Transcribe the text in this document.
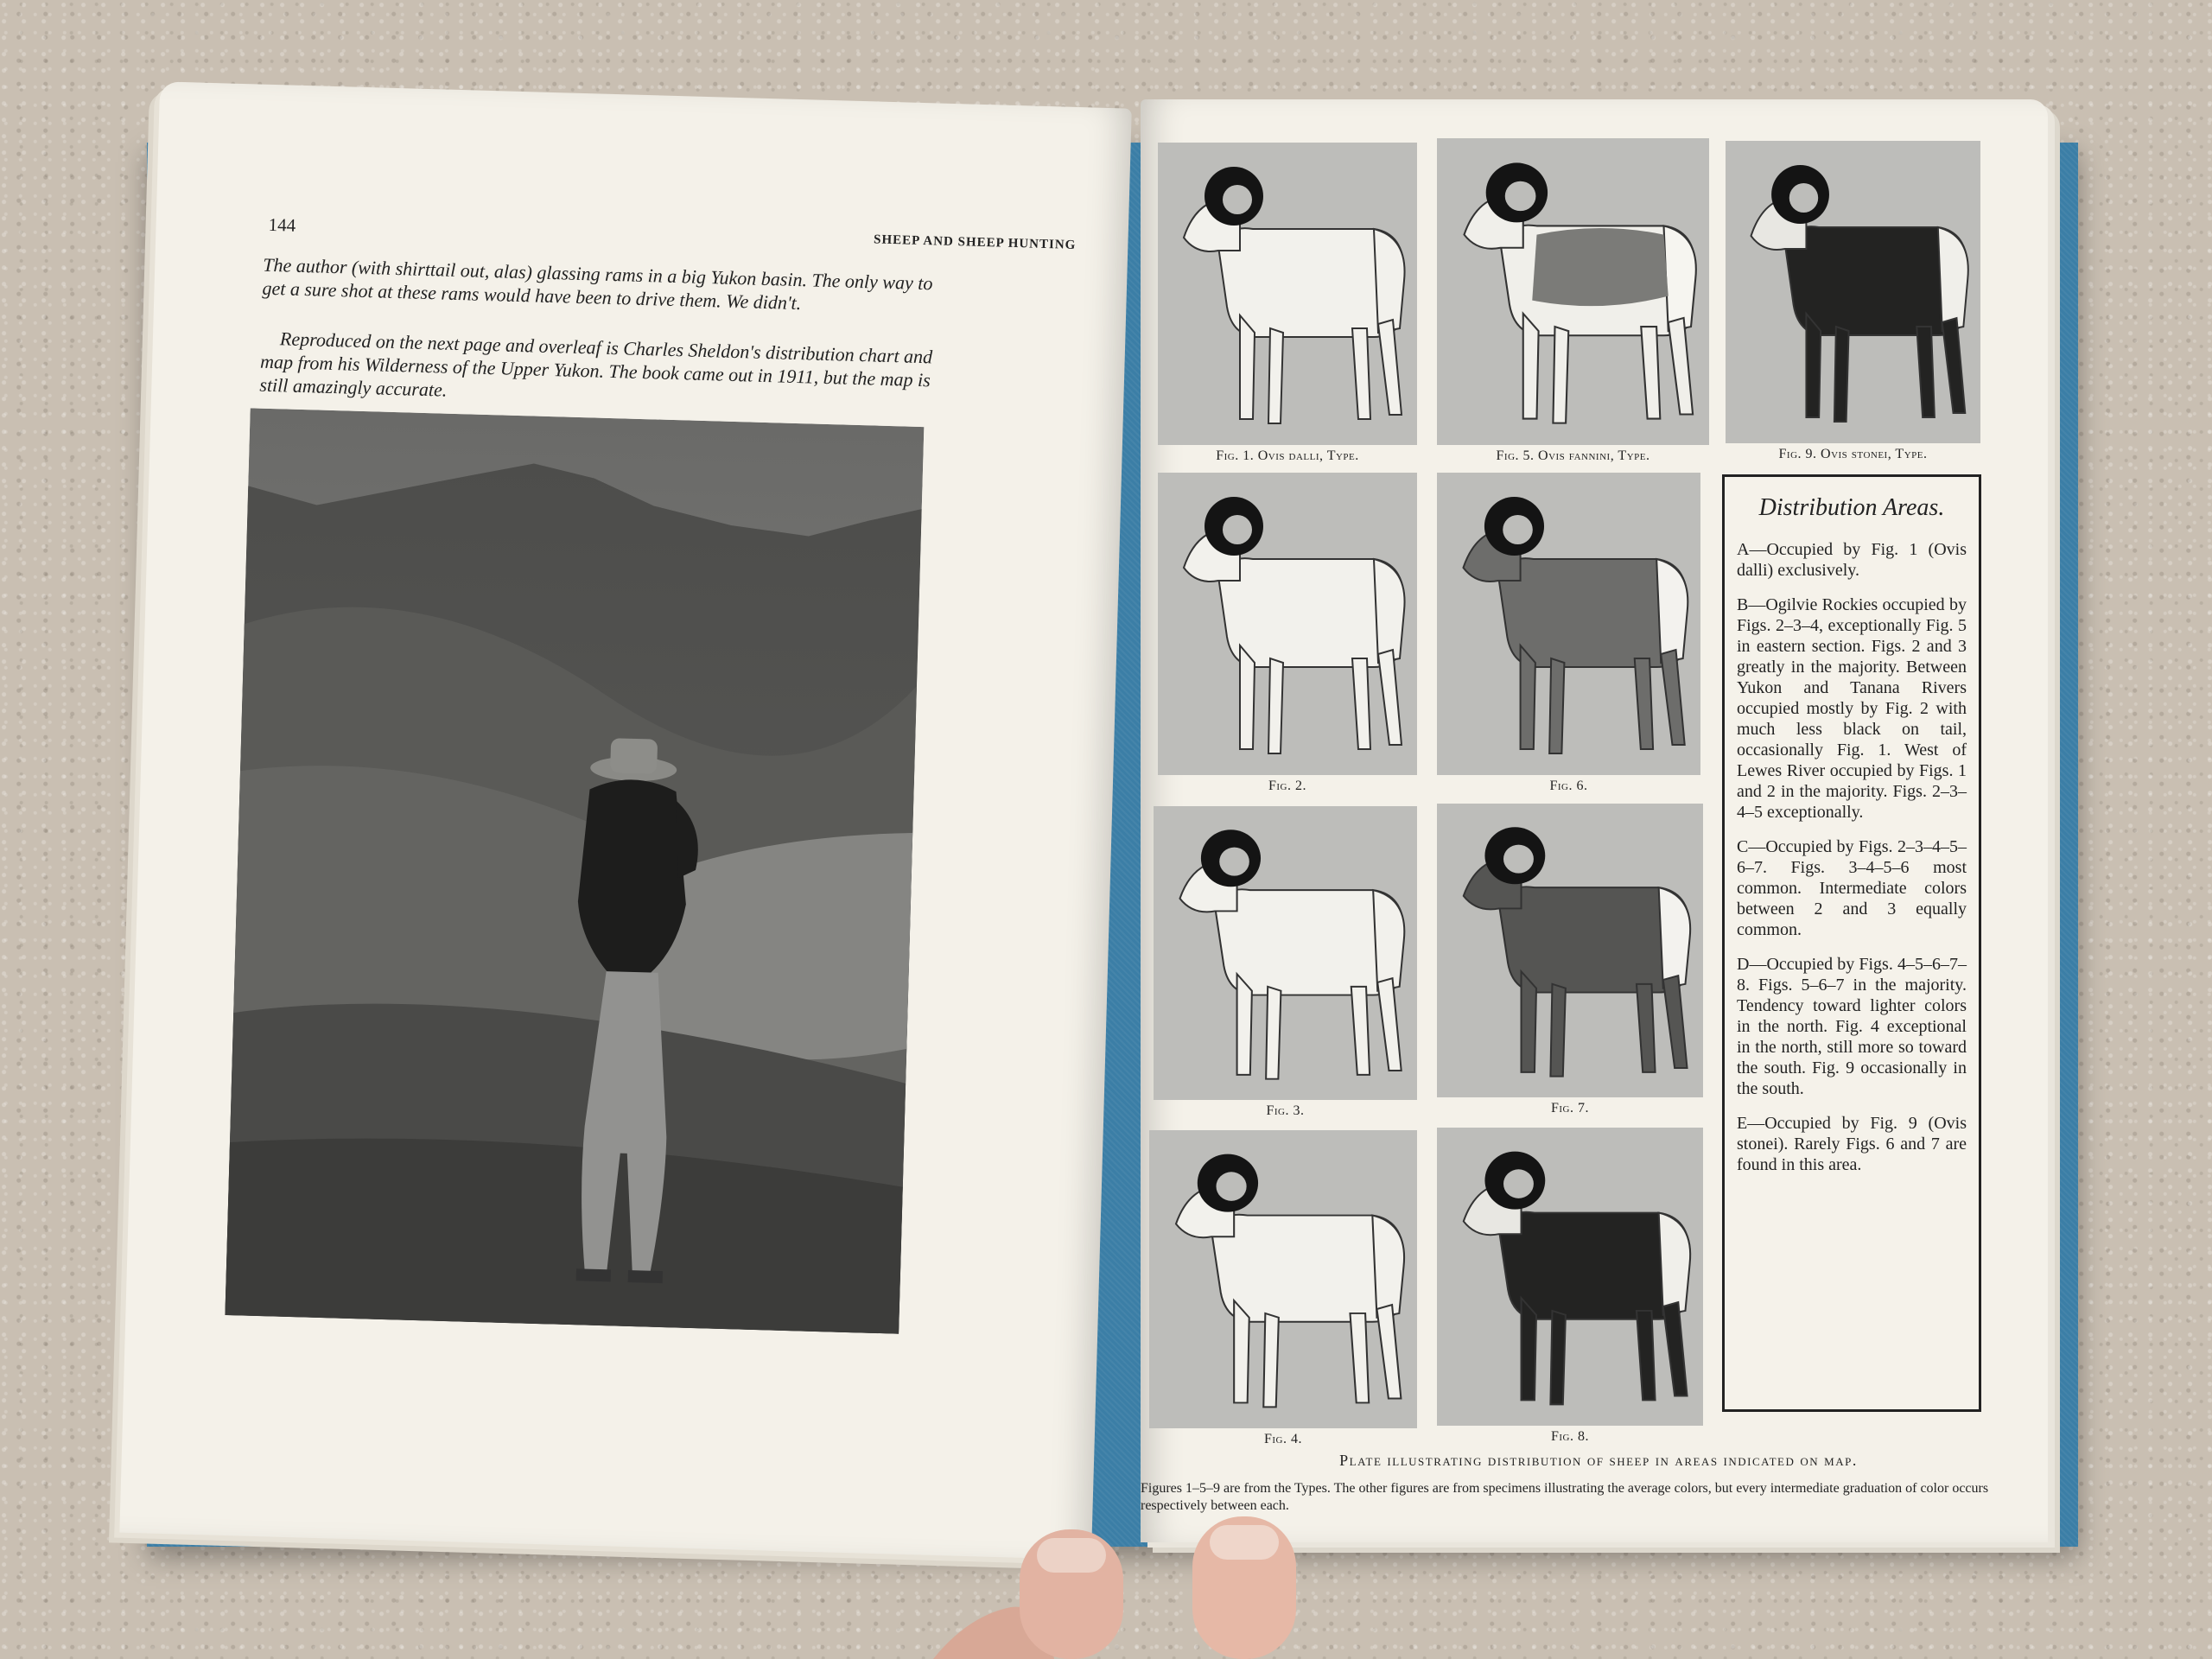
144
SHEEP AND SHEEP HUNTING
The author (with shirttail out, alas) glassing rams in a big Yukon basin. The only way to get a sure shot at these rams would have been to drive them. We didn't.
Reproduced on the next page and overleaf is Charles Sheldon's distribution chart and map from his Wilderness of the Upper Yukon. The book came out in 1911, but the map is still amazingly accurate.
Fig. 1. Ovis dalli, Type.	Fig. 5. Ovis fannini, Type.	Fig. 9. Ovis stonei, Type.
Fig. 2.	Fig. 6.
Fig. 3.	Fig. 7.
Fig. 4.	Fig. 8.
Distribution Areas.
A—Occupied by Fig. 1 (Ovis dalli) exclusively.
B—Ogilvie Rockies occupied by Figs. 2–3–4, exceptionally Fig. 5 in eastern section. Figs. 2 and 3 greatly in the majority. Between Yukon and Tanana Rivers occupied mostly by Fig. 2 with much less black on tail, occasionally Fig. 1. West of Lewes River occupied by Figs. 1 and 2 in the majority. Figs. 2–3–4–5 exceptionally.
C—Occupied by Figs. 2–3–4–5–6–7. Figs. 3–4–5–6 most common. Intermediate colors between 2 and 3 equally common.
D—Occupied by Figs. 4–5–6–7–8. Figs. 5–6–7 in the majority. Tendency toward lighter colors in the north. Fig. 4 exceptional in the north, still more so toward the south. Fig. 9 occasionally in the south.
E—Occupied by Fig. 9 (Ovis stonei). Rarely Figs. 6 and 7 are found in this area.
Plate illustrating distribution of sheep in areas indicated on map.
Figures 1–5–9 are from the Types. The other figures are from specimens illustrating the average colors, but every intermediate graduation of color occurs respectively between each.
